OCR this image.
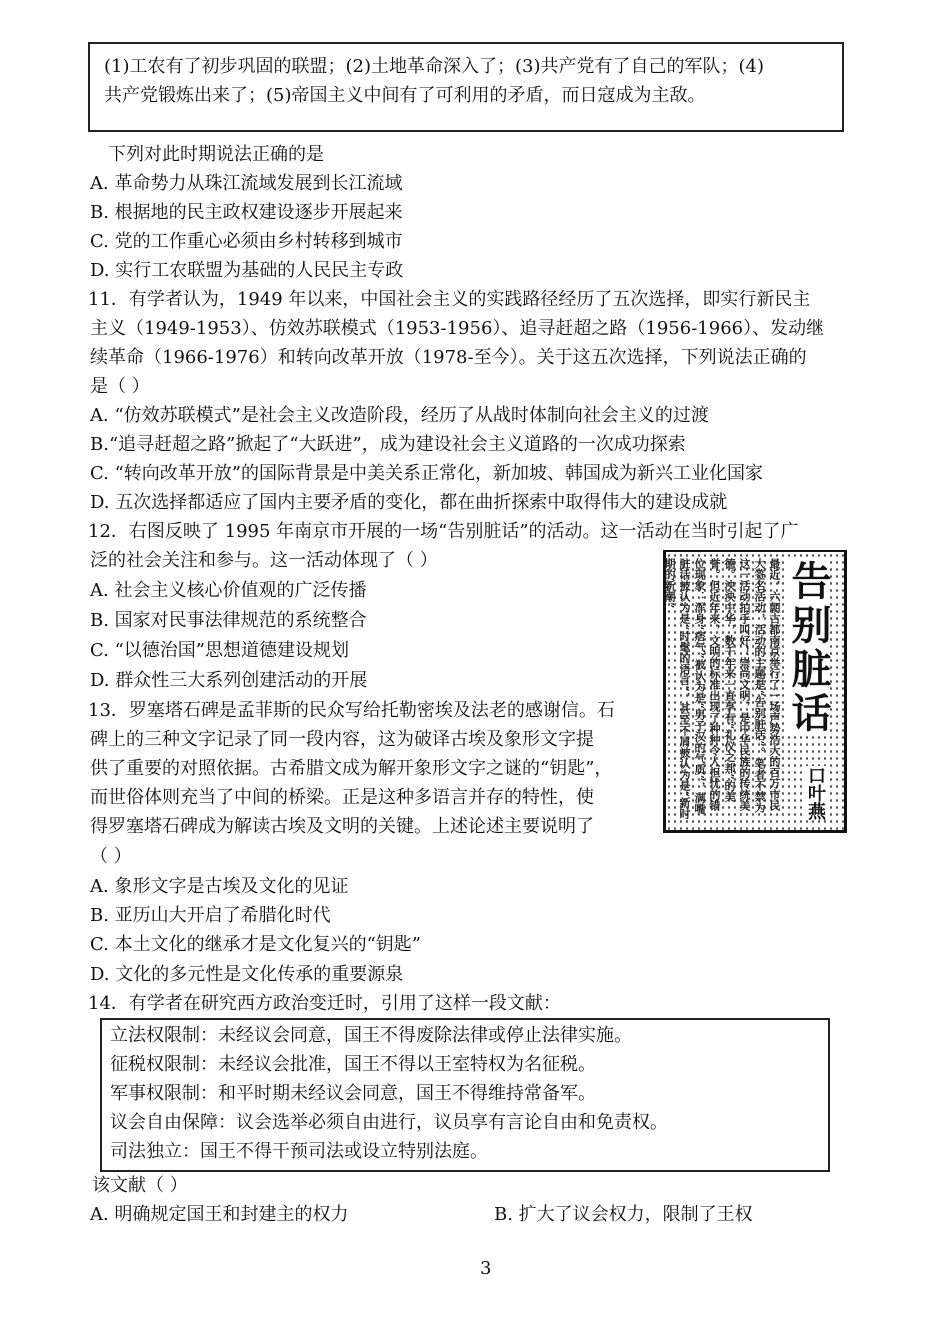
(1)工农有了初步巩固的联盟；(2)土地革命深入了；(3)共产党有了自己的军队；(4)
共产党锻炼出来了；(5)帝国主义中间有了可利用的矛盾，而日寇成为主敌。
下列对此时期说法正确的是
A. 革命势力从珠江流域发展到长江流域
B. 根据地的民主政权建设逐步开展起来
C. 党的工作重心必须由乡村转移到城市
D. 实行工农联盟为基础的人民民主专政
11．有学者认为，1949 年以来，中国社会主义的实践路径经历了五次选择，即实行新民主
主义（1949-1953）、仿效苏联模式（1953-1956）、追寻赶超之路（1956-1966）、发动继
续革命（1966-1976）和转向改革开放（1978-至今）。关于这五次选择，下列说法正确的
是（ ）
A. “仿效苏联模式”是社会主义改造阶段，经历了从战时体制向社会主义的过渡
B.“追寻赶超之路”掀起了“大跃进”，成为建设社会主义道路的一次成功探索
C. “转向改革开放”的国际背景是中美关系正常化，新加坡、韩国成为新兴工业化国家
D. 五次选择都适应了国内主要矛盾的变化，都在曲折探索中取得伟大的建设成就
12．右图反映了 1995 年南京市开展的一场“告别脏话”的活动。这一活动在当时引起了广
泛的社会关注和参与。这一活动体现了（ ）
A. 社会主义核心价值观的广泛传播
B. 国家对民事法律规范的系统整合
C. “以德治国”思想道德建设规划
D. 群众性三大系列创建活动的开展	最近，六朝古都南京举行了一场声势浩大的百万市民大签名活动，活动的主题是“告别脏话”。笔者不禁为这一活动拍手叫好！崇尚文明，是中华民族的传统美德。泱泱中华，数千年来一直享有“礼仪之邦”的美誉。但近年来，文明的标准出现了种种令人担忧的错位现象：浑身“痞气”被认为是“男子汉的气质”，满嘴脏话被认为是“时髦的语言”，甚至不屑被认为是“新时期的新潮”	告别脏话
口叶燕
13．罗塞塔石碑是孟菲斯的民众写给托勒密埃及法老的感谢信。石
碑上的三种文字记录了同一段内容，这为破译古埃及象形文字提
供了重要的对照依据。古希腊文成为解开象形文字之谜的“钥匙”，
而世俗体则充当了中间的桥梁。正是这种多语言并存的特性，使
得罗塞塔石碑成为解读古埃及文明的关键。上述论述主要说明了
（ ）
A. 象形文字是古埃及文化的见证
B. 亚历山大开启了希腊化时代
C. 本土文化的继承才是文化复兴的“钥匙”
D. 文化的多元性是文化传承的重要源泉
14．有学者在研究西方政治变迁时，引用了这样一段文献：
立法权限制：未经议会同意，国王不得废除法律或停止法律实施。
征税权限制：未经议会批准，国王不得以王室特权为名征税。
军事权限制：和平时期未经议会同意，国王不得维持常备军。
议会自由保障：议会选举必须自由进行，议员享有言论自由和免责权。
司法独立：国王不得干预司法或设立特别法庭。
该文献（ ）
A. 明确规定国王和封建主的权力	B. 扩大了议会权力，限制了王权
3
